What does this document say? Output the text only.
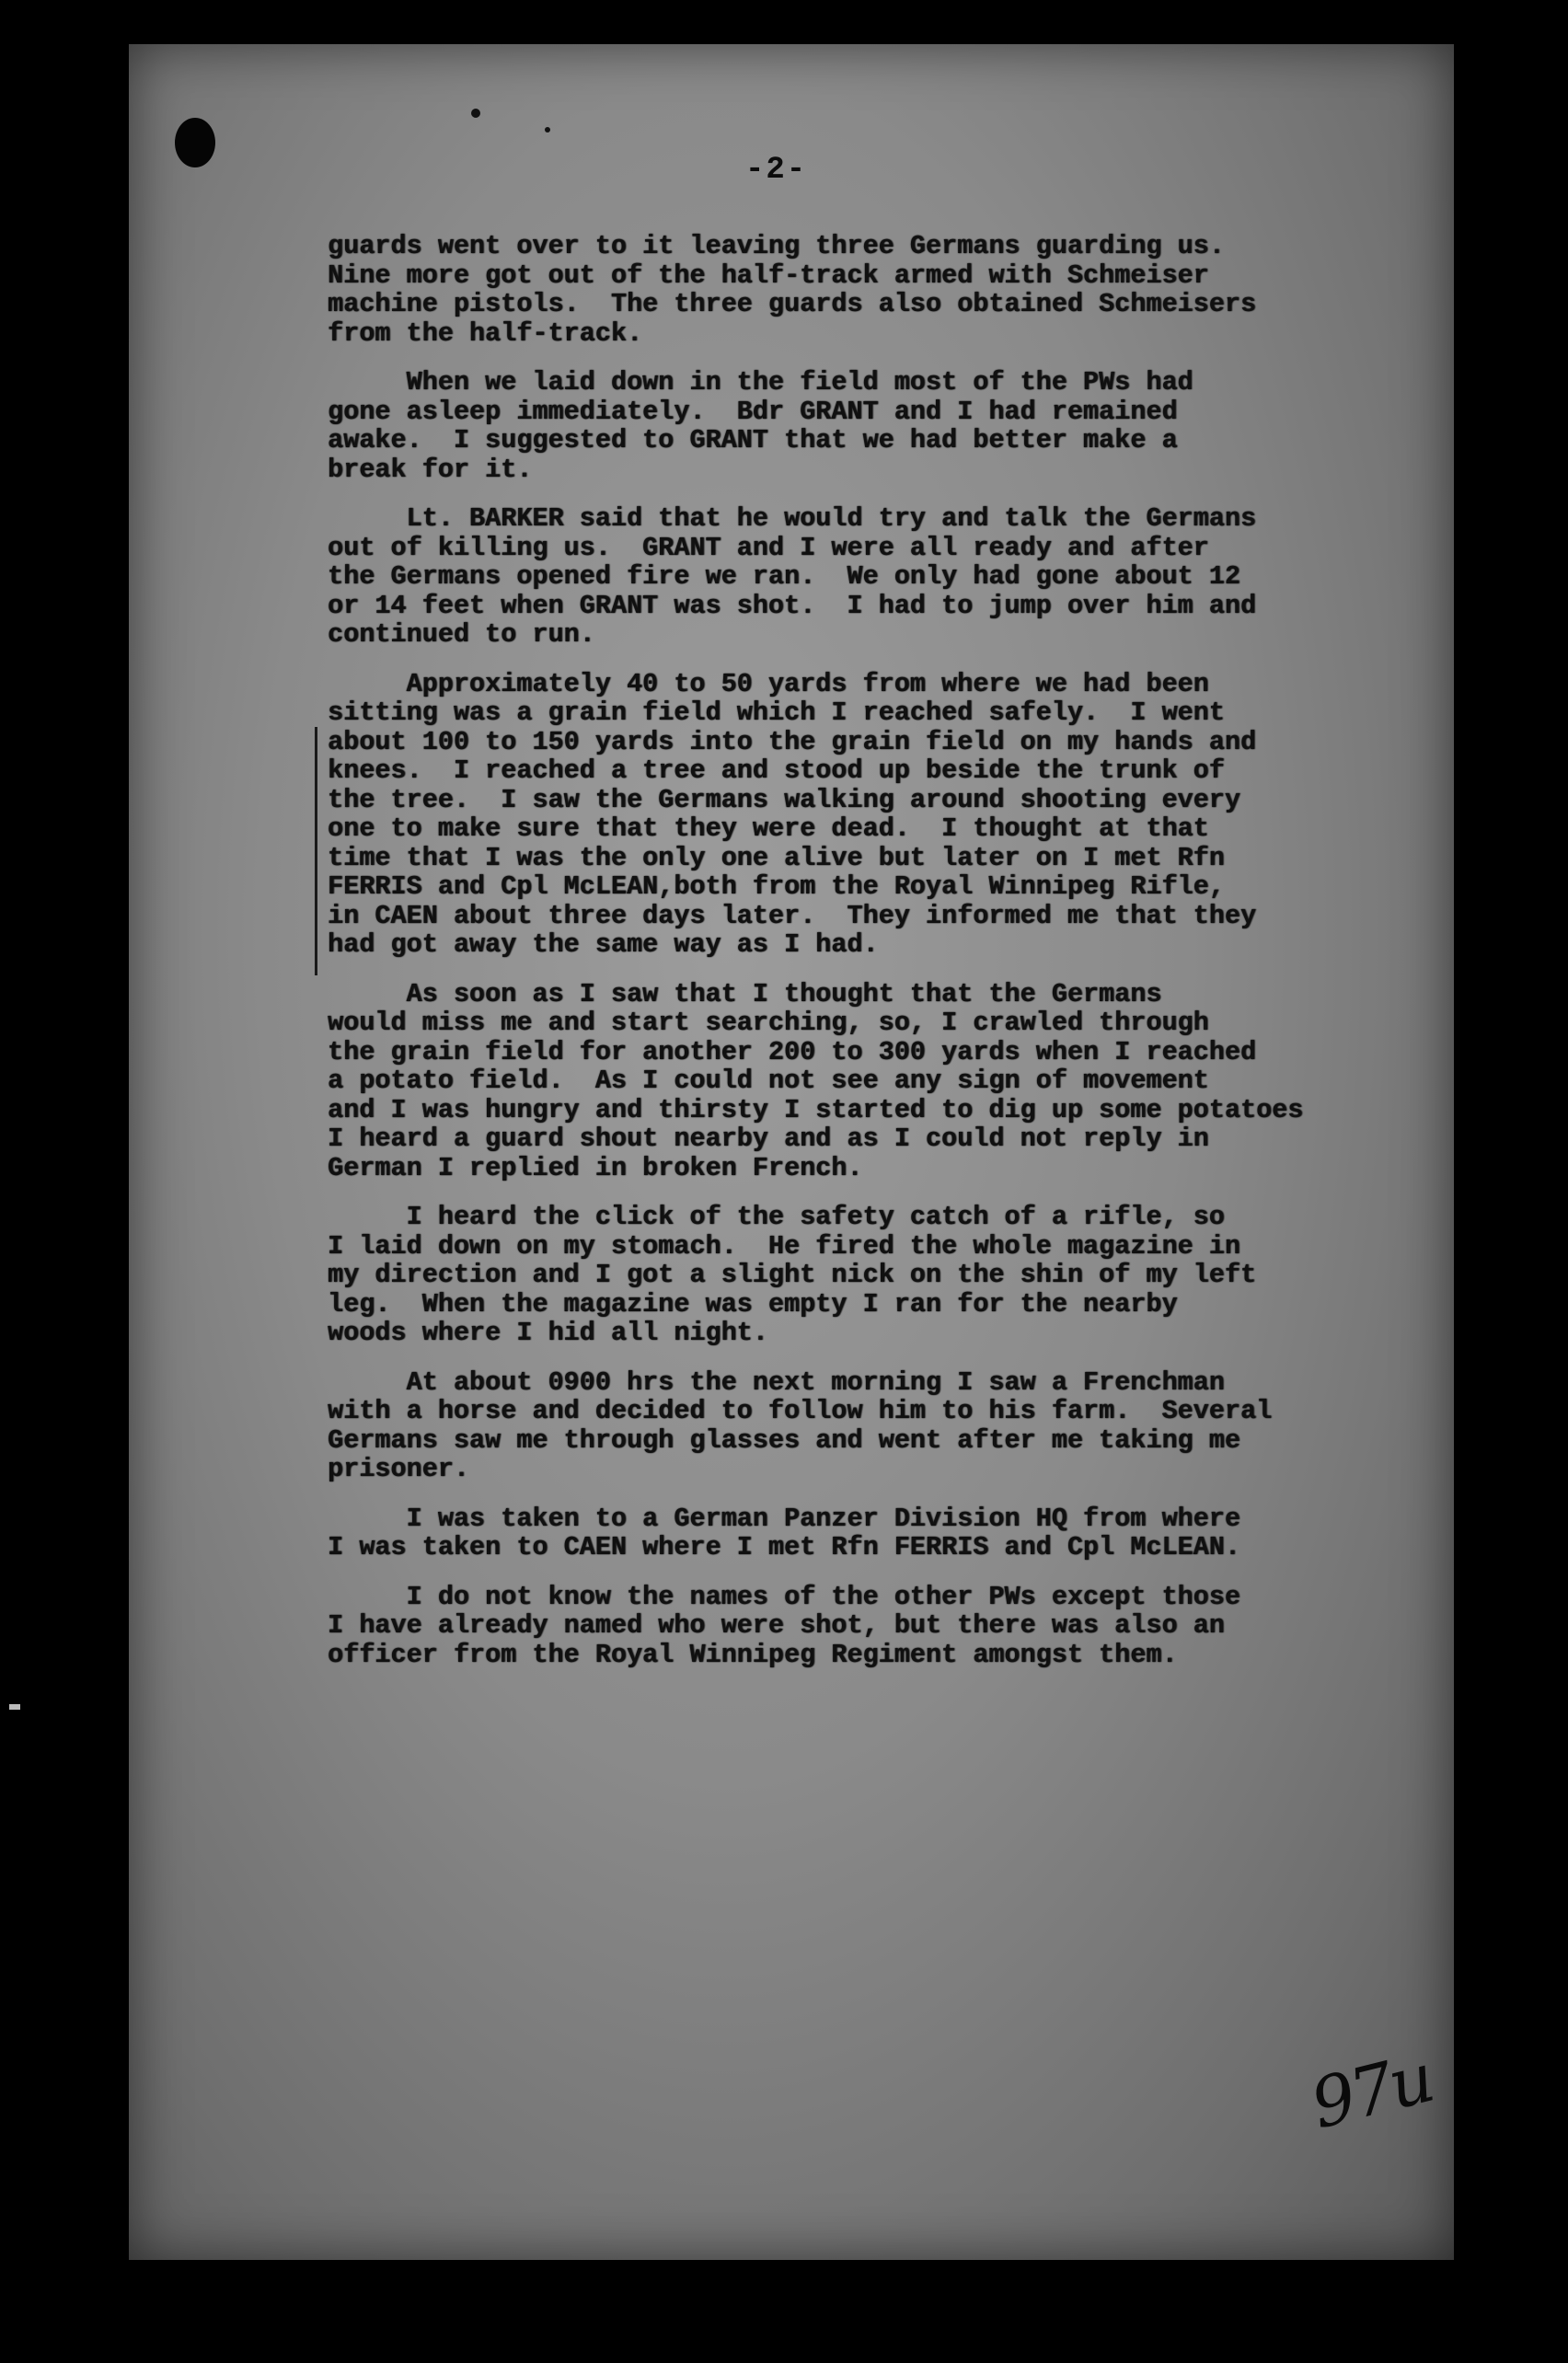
-2-
guards went over to it leaving three Germans guarding us.
Nine more got out of the half-track armed with Schmeiser
machine pistols.  The three guards also obtained Schmeisers
from the half-track.
When we laid down in the field most of the PWs had
gone asleep immediately.  Bdr GRANT and I had remained
awake.  I suggested to GRANT that we had better make a
break for it.
Lt. BARKER said that he would try and talk the Germans
out of killing us.  GRANT and I were all ready and after
the Germans opened fire we ran.  We only had gone about 12
or 14 feet when GRANT was shot.  I had to jump over him and
continued to run.
Approximately 40 to 50 yards from where we had been
sitting was a grain field which I reached safely.  I went
about 100 to 150 yards into the grain field on my hands and
knees.  I reached a tree and stood up beside the trunk of
the tree.  I saw the Germans walking around shooting every
one to make sure that they were dead.  I thought at that
time that I was the only one alive but later on I met Rfn
FERRIS and Cpl McLEAN,both from the Royal Winnipeg Rifle,
in CAEN about three days later.  They informed me that they
had got away the same way as I had.
As soon as I saw that I thought that the Germans
would miss me and start searching, so, I crawled through
the grain field for another 200 to 300 yards when I reached
a potato field.  As I could not see any sign of movement
and I was hungry and thirsty I started to dig up some potatoes
I heard a guard shout nearby and as I could not reply in
German I replied in broken French.
I heard the click of the safety catch of a rifle, so
I laid down on my stomach.  He fired the whole magazine in
my direction and I got a slight nick on the shin of my left
leg.  When the magazine was empty I ran for the nearby
woods where I hid all night.
At about 0900 hrs the next morning I saw a Frenchman
with a horse and decided to follow him to his farm.  Several
Germans saw me through glasses and went after me taking me
prisoner.
I was taken to a German Panzer Division HQ from where
I was taken to CAEN where I met Rfn FERRIS and Cpl McLEAN.
I do not know the names of the other PWs except those
I have already named who were shot, but there was also an
officer from the Royal Winnipeg Regiment amongst them.
97u
